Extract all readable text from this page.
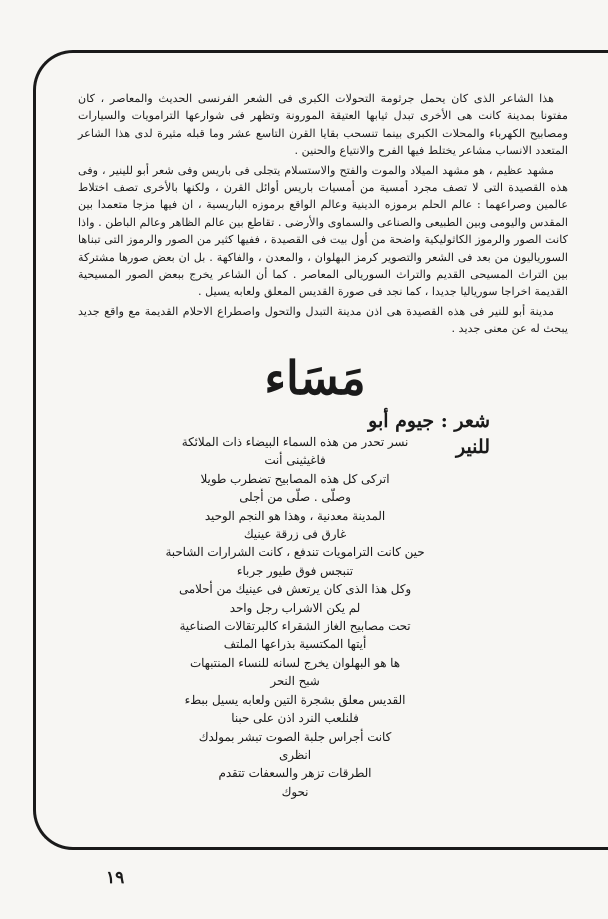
هذا الشاعر الذى كان يحمل جرثومة التحولات الكبرى فى الشعر الفرنسى الحديث والمعاصر ، كان مفتونا بمدينة كانت هى الأخرى تبدل ثيابها العتيقة المورونة وتظهر فى شوارعها الترامويات والسيارات ومصابيح الكهرباء والمحلات الكبرى بينما تنسحب بقايا القرن التاسع عشر وما قبله مثيرة لدى هذا الشاعر المتعدد الانساب مشاعر يختلط فيها الفرح والانتياع والحنين .

مشهد عظيم ، هو مشهد الميلاد والموت والفتح والاستسلام يتجلى فى باريس وفى شعر أبو للينير ، وفى هذه القصيدة التى لا تصف مجرد أمسية من أمسيات باريس أوائل القرن ، ولكنها بالأخرى تصف اختلاط عالمين وصراعهما : عالم الحلم برموزه الدينية وعالم الواقع برموزه الباريسية ، ان فيها مزجا متعمدا بين المقدس واليومى وبين الطبيعى والصناعى والسماوى والأرضى . تقاطع بين عالم الظاهر وعالم الباطن . واذا كانت الصور والرموز الكاثوليكية واضحة من أول بيت فى القصيدة ، ففيها كثير من الصور والرموز التى تبناها السورياليون من بعد فى الشعر والتصوير كرمز البهلوان ، والمعدن ، والفاكهة . بل ان بعض صورها مشتركة بين التراث المسيحى القديم والتراث السوريالى المعاصر . كما أن الشاعر يخرج ببعض الصور المسيحية القديمة اخراجا سورياليا جديدا ، كما نجد فى صورة القديس المعلق ولعابه يسيل .

مدينة أبو للنير فى هذه القصيدة هى اذن مدينة التبدل والتحول واصطراع الاحلام القديمة مع واقع جديد يبحث له عن معنى جديد .

مَسَاء
شعر : جيوم أبو للنير
نسر تحدر من هذه السماء البيضاء ذات الملائكة
فاغيثينى أنت
اتركى كل هذه المصابيح تضطرب طويلا
وصلّى . صلّى من أجلى
المدينة معدنية ، وهذا هو النجم الوحيد
غارق فى زرقة عينيك
حين كانت الترامويات تندفع ، كانت الشرارات الشاحبة
تنبجس فوق طيور جرباء
وكل هذا الذى كان يرتعش فى عينيك من أحلامى
لم يكن الاشراب رجل واحد
تحت مصابيح الغاز الشقراء كالبرتقالات الصناعية
أيتها المكتسية بذراعها الملتف
ها هو البهلوان يخرج لسانه للنساء المنتبهات
شبح النحر
القديس معلق بشجرة التين ولعابه يسيل ببطء
فلنلعب النرد اذن على حبنا
كانت أجراس جلبة الصوت تبشر بمولدك
انظرى
الطرقات تزهر والسعفات تتقدم
نحوك
١٩
